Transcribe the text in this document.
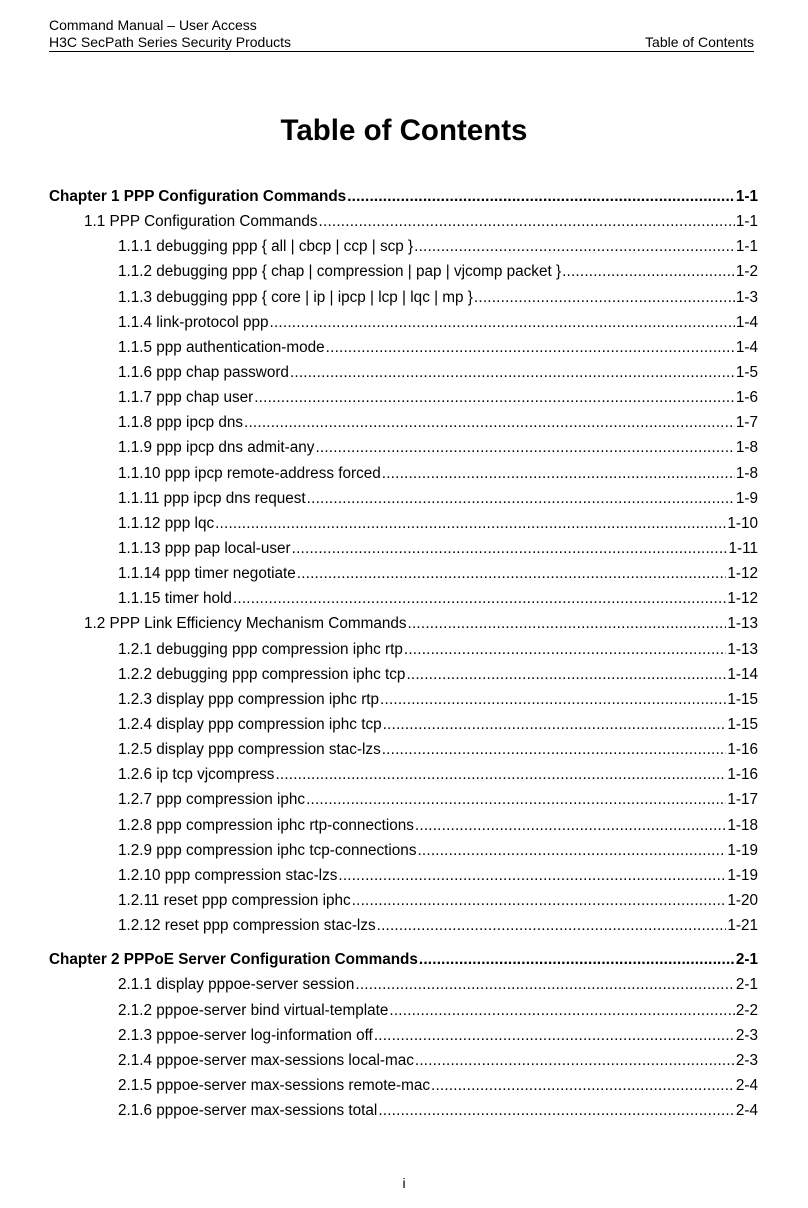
Command Manual – User Access
H3C SecPath Series Security Products	Table of Contents
Table of Contents
Chapter 1 PPP Configuration Commands .....	1-1
1.1 PPP Configuration Commands .....	1-1
1.1.1 debugging ppp { all | cbcp | ccp | scp } .....	1-1
1.1.2 debugging ppp { chap | compression | pap | vjcomp packet } .....	1-2
1.1.3 debugging ppp { core | ip | ipcp | lcp | lqc | mp } .....	1-3
1.1.4 link-protocol ppp .....	1-4
1.1.5 ppp authentication-mode .....	1-4
1.1.6 ppp chap password .....	1-5
1.1.7 ppp chap user .....	1-6
1.1.8 ppp ipcp dns .....	1-7
1.1.9 ppp ipcp dns admit-any .....	1-8
1.1.10 ppp ipcp remote-address forced .....	1-8
1.1.11 ppp ipcp dns request .....	1-9
1.1.12 ppp lqc .....	1-10
1.1.13 ppp pap local-user .....	1-11
1.1.14 ppp timer negotiate .....	1-12
1.1.15 timer hold .....	1-12
1.2 PPP Link Efficiency Mechanism Commands .....	1-13
1.2.1 debugging ppp compression iphc rtp .....	1-13
1.2.2 debugging ppp compression iphc tcp .....	1-14
1.2.3 display ppp compression iphc rtp .....	1-15
1.2.4 display ppp compression iphc tcp .....	1-15
1.2.5 display ppp compression stac-lzs .....	1-16
1.2.6 ip tcp vjcompress .....	1-16
1.2.7 ppp compression iphc .....	1-17
1.2.8 ppp compression iphc rtp-connections .....	1-18
1.2.9 ppp compression iphc tcp-connections .....	1-19
1.2.10 ppp compression stac-lzs .....	1-19
1.2.11 reset ppp compression iphc .....	1-20
1.2.12 reset ppp compression stac-lzs .....	1-21
Chapter 2 PPPoE Server Configuration Commands .....	2-1
2.1.1 display pppoe-server session .....	2-1
2.1.2 pppoe-server bind virtual-template .....	2-2
2.1.3 pppoe-server log-information off .....	2-3
2.1.4 pppoe-server max-sessions local-mac .....	2-3
2.1.5 pppoe-server max-sessions remote-mac .....	2-4
2.1.6 pppoe-server max-sessions total .....	2-4
i
